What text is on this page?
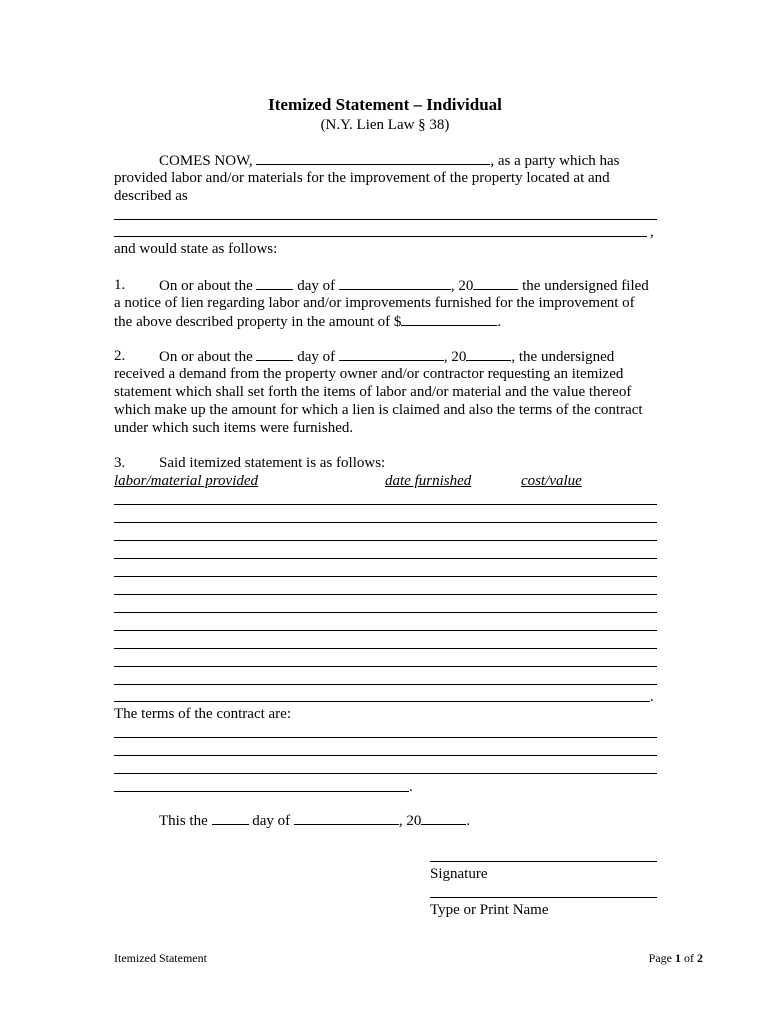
Itemized Statement – Individual
(N.Y. Lien Law § 38)
COMES NOW,	, as a party which has
provided labor and/or materials for the improvement of the property located at and
described as
,
and would state as follows:
1. On or about the  day of	, 20	the undersigned filed
a notice of lien regarding labor and/or improvements furnished for the improvement of
the above described property in the amount of $	.
2. On or about the  day of	, 20	, the undersigned
received a demand from the property owner and/or contractor requesting an itemized
statement which shall set forth the items of labor and/or material and the value thereof
which make up the amount for which a lien is claimed and also the terms of the contract
under which such items were furnished.
3. Said itemized statement is as follows:
labor/material provided	date furnished	cost/value
.
The terms of the contract are:
.
This the  day of	, 20	.
Signature
Type or Print Name
Itemized Statement	Page 1 of 2
